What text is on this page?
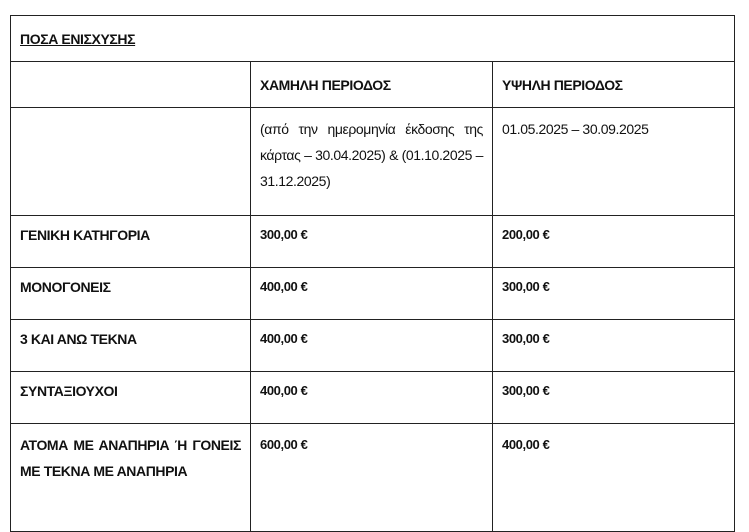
ΠΟΣΑ ΕΝΙΣΧΥΣΗΣ		
	ΧΑΜΗΛΗ ΠΕΡΙΟΔΟΣ	ΥΨΗΛΗ ΠΕΡΙΟΔΟΣ
	(από την ημερομηνία έκδοσης της κάρτας – 30.04.2025) & (01.10.2025 – 31.12.2025)	01.05.2025 – 30.09.2025
ΓΕΝΙΚΗ ΚΑΤΗΓΟΡΙΑ	300,00 €	200,00 €
ΜΟΝΟΓΟΝΕΙΣ	400,00 €	300,00 €
3 ΚΑΙ ΑΝΩ ΤΕΚΝΑ	400,00 €	300,00 €
ΣΥΝΤΑΞΙΟΥΧΟΙ	400,00 €	300,00 €
ΑΤΟΜΑ ΜΕ ΑΝΑΠΗΡΙΑ Ή ΓΟΝΕΙΣ ΜΕ ΤΕΚΝΑ ΜΕ ΑΝΑΠΗΡΙΑ	600,00 €	400,00 €
